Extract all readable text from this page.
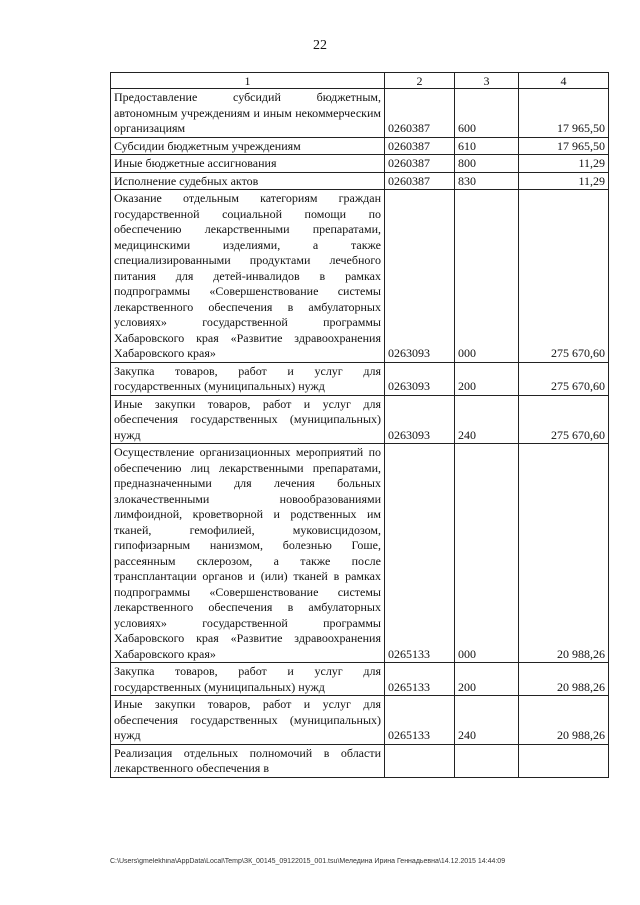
22
1	2	3	4
Предоставление субсидий бюджетным, автономным учреждениям и иным некоммерческим организациям	0260387	600	17 965,50
Субсидии бюджетным учреждениям	0260387	610	17 965,50
Иные бюджетные ассигнования	0260387	800	11,29
Исполнение судебных актов	0260387	830	11,29
Оказание отдельным категориям граждан государственной социальной помощи по обеспечению лекарственными препаратами, медицинскими изделиями, а также специализированными продуктами лечебного питания для детей-инвалидов в рамках подпрограммы «Совершенствование системы лекарственного обеспечения в амбулаторных условиях» государственной программы Хабаровского края «Развитие здравоохранения Хабаровского края»	0263093	000	275 670,60
Закупка товаров, работ и услуг для государственных (муниципальных) нужд	0263093	200	275 670,60
Иные закупки товаров, работ и услуг для обеспечения государственных (муниципальных) нужд	0263093	240	275 670,60
Осуществление организационных мероприятий по обеспечению лиц лекарственными препаратами, предназначенными для лечения больных злокачественными новообразованиями лимфоидной, кроветворной и родственных им тканей, гемофилией, муковисцидозом, гипофизарным нанизмом, болезнью Гоше, рассеянным склерозом, а также после трансплантации органов и (или) тканей в рамках подпрограммы «Совершенствование системы лекарственного обеспечения в амбулаторных условиях» государственной программы Хабаровского края «Развитие здравоохранения Хабаровского края»	0265133	000	20 988,26
Закупка товаров, работ и услуг для государственных (муниципальных) нужд	0265133	200	20 988,26
Иные закупки товаров, работ и услуг для обеспечения государственных (муниципальных) нужд	0265133	240	20 988,26
Реализация отдельных полномочий в области лекарственного обеспечения в			
C:\Users\gmelekhina\AppData\Local\Temp\ЗК_00145_09122015_001.tsu\Меледина Ирина Геннадьевна\14.12.2015 14:44:09
